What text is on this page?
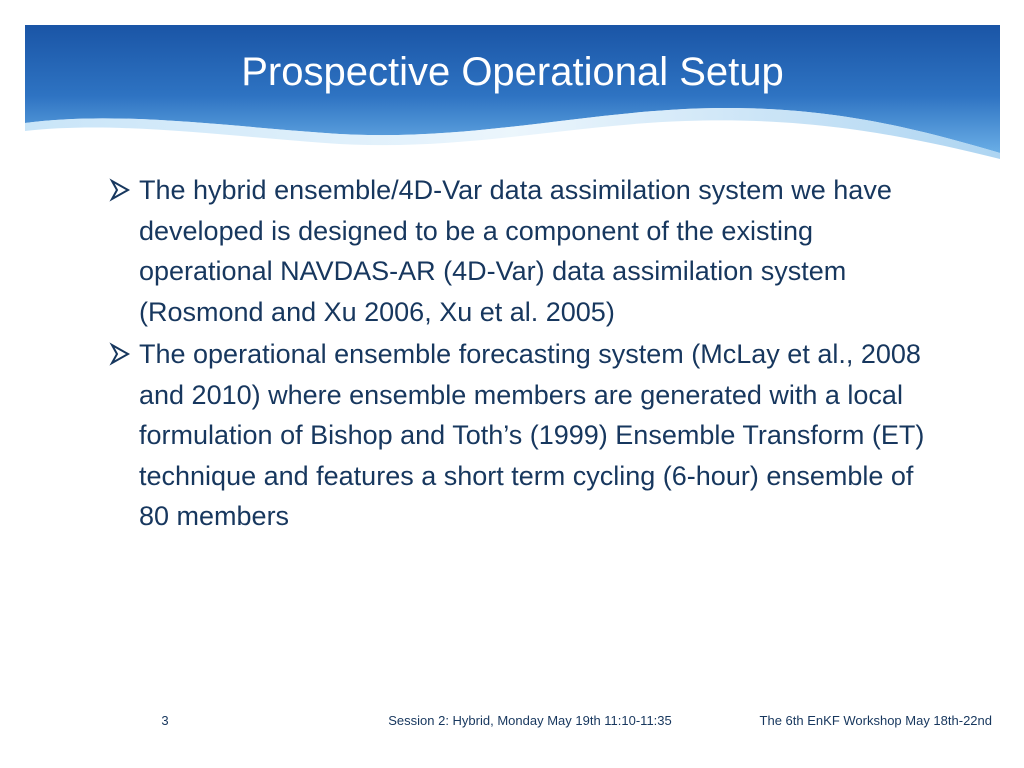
Prospective Operational Setup

The hybrid ensemble/4D-Var data assimilation system we have developed is designed to be a component of the existing operational NAVDAS-AR (4D-Var) data assimilation system (Rosmond and Xu 2006, Xu et al. 2005)

The operational ensemble forecasting system (McLay et al., 2008 and 2010) where ensemble members are generated with a local formulation of Bishop and Toth’s (1999) Ensemble Transform (ET) technique and features a short term cycling (6-hour) ensemble of 80 members

3	Session 2: Hybrid, Monday May 19th 11:10-11:35	The 6th EnKF Workshop May 18th-22nd
